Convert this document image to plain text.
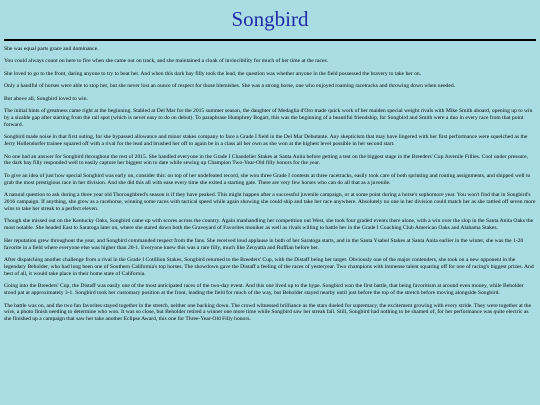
Songbird

She was equal parts grace and dominance.

You could always count on here to fire when she came out on track, and she maintained a cloak of invincibility for much of her time at the races.

She loved to go to the front, daring anyone to try to beat her. And when this dark bay filly took the lead, the question was whether anyone in the field possessed the bravery to take her on.

Only a handful of horses were able to stop her, but she never lost an ounce of respect for those blemishes. She was a strong horse, one who enjoyed roaming racetracks and throwing down when needed.

But above all, Songbird loved to win.

The initial hints of greatness came right at the beginning. Stabled at Del Mar for the 2015 summer season, the daughter of Medaglia d'Oro made quick work of her maiden special weight rivals with Mike Smith aboard, opening up to win by a sizable gap after starting from the rail spot (which is never easy to do on debut). To paraphrase Humphrey Bogart, this was the beginning of a beautiful friendship, for Songbird and Smith were a duo in every race from that point forward.

Songbird made noise in that first outing, for she bypassed allowance and minor stakes company to face a Grade I field in the Del Mar Debutante. Any skepticism that may have lingered with her first performance were squelched as the Jerry Hollendorfer trainee squared off with a rival for the lead and brushed her off to again be in a class all her own as she won at the highest level possible in her second start.

No one had an answer for Songbird throughout the rest of 2015. She handled everyone in the Grade I Chandelier Stakes at Santa Anita before getting a test on the biggest stage in the Breeders' Cup Juvenile Fillies. Cool under pressure, the dark bay filly responded well to easily capture her biggest win to date while sewing up Champion Two-Year-Old filly honors for the year.

To give an idea of just how special Songbird was early on, consider this: on top of her undefeated record, she won three Grade I contests at three racetracks, easily took care of both sprinting and routing assignments, and shipped well to grab the most prestigious race in her division. And she did this all with ease every time she exited a starting gate. There are very few horses who can do all that as a juvenile.

A natural question to ask during a three year old Thoroughbred's season is if they have peaked. This might happen after a successful juvenile campaign, or at some point during a horse's sophomore year. You won't find that in Songbird's 2016 campaign. If anything, she grew as a racehorse, winning some races with tactical speed while again showing she could ship and take her race anywhere. Absolutely no one in her division could match her as she rattled off seven more wins to take her streak to a perfect eleven.

Though she missed out on the Kentucky Oaks, Songbird came up with scores across the country. Again manhandling her competition out West, she took four graded events there alone, with a win over the slop in the Santa Anita Oaks the most notable. She headed East to Saratoga later on, where she stared down both the Graveyard of Favorites moniker as well as rivals willing to battle her in the Grade I Coaching Club American Oaks and Alabama Stakes.

Her reputation grew throughout the year, and Songbird commanded respect from the fans. She received loud applause in both of her Saratoga starts, and in the Santa Ysabel Stakes at Santa Anita earlier in the winter, she was the 1-20 favorite in a field where everyone else was higher than 20-1. Everyone knew this was a rare filly, much like Zenyatta and Ruffian before her.

After dispatching another challenge from a rival in the Grade I Cotillion Stakes, Songbird returned to the Breeders' Cup, with the Distaff being her target. Obviously one of the major contenders, she took on a new opponent in the legendary Beholder, who had long been one of Southern California's top horses. The showdown gave the Distaff a feeling of the races of yesteryear. Two champions with immense talent squaring off for one of racing's biggest prizes. And best of all, it would take place in their home state of California.

Going into the Breeders' Cup, the Distaff was easily one of the most anticipated races of the two-day event. And this one lived up to the hype. Songbird won the first battle, that being favoritism at around even money, while Beholder stood pat at approximately 3-1. Songbird took her customary position at the front, leading the field for much of the way, but Beholder stayed nearby until just before the top of the stretch before moving alongside Songbird.

The battle was on, and the two fan favorites stayed together in the stretch, neither one backing down. The crowd witnessed brilliance as the stars dueled for supremacy, the excitement growing with every stride. They were together at the wire, a photo finish needing to determine who won. It was so close, but Beholder retired a winner one more time while Songbird saw her streak fall. Still, Songbird had nothing to be shamed of, for her performance was quite electric as she finished up a campaign that saw her take another Eclipse Award, this one for Three-Year-Old Filly honors.
